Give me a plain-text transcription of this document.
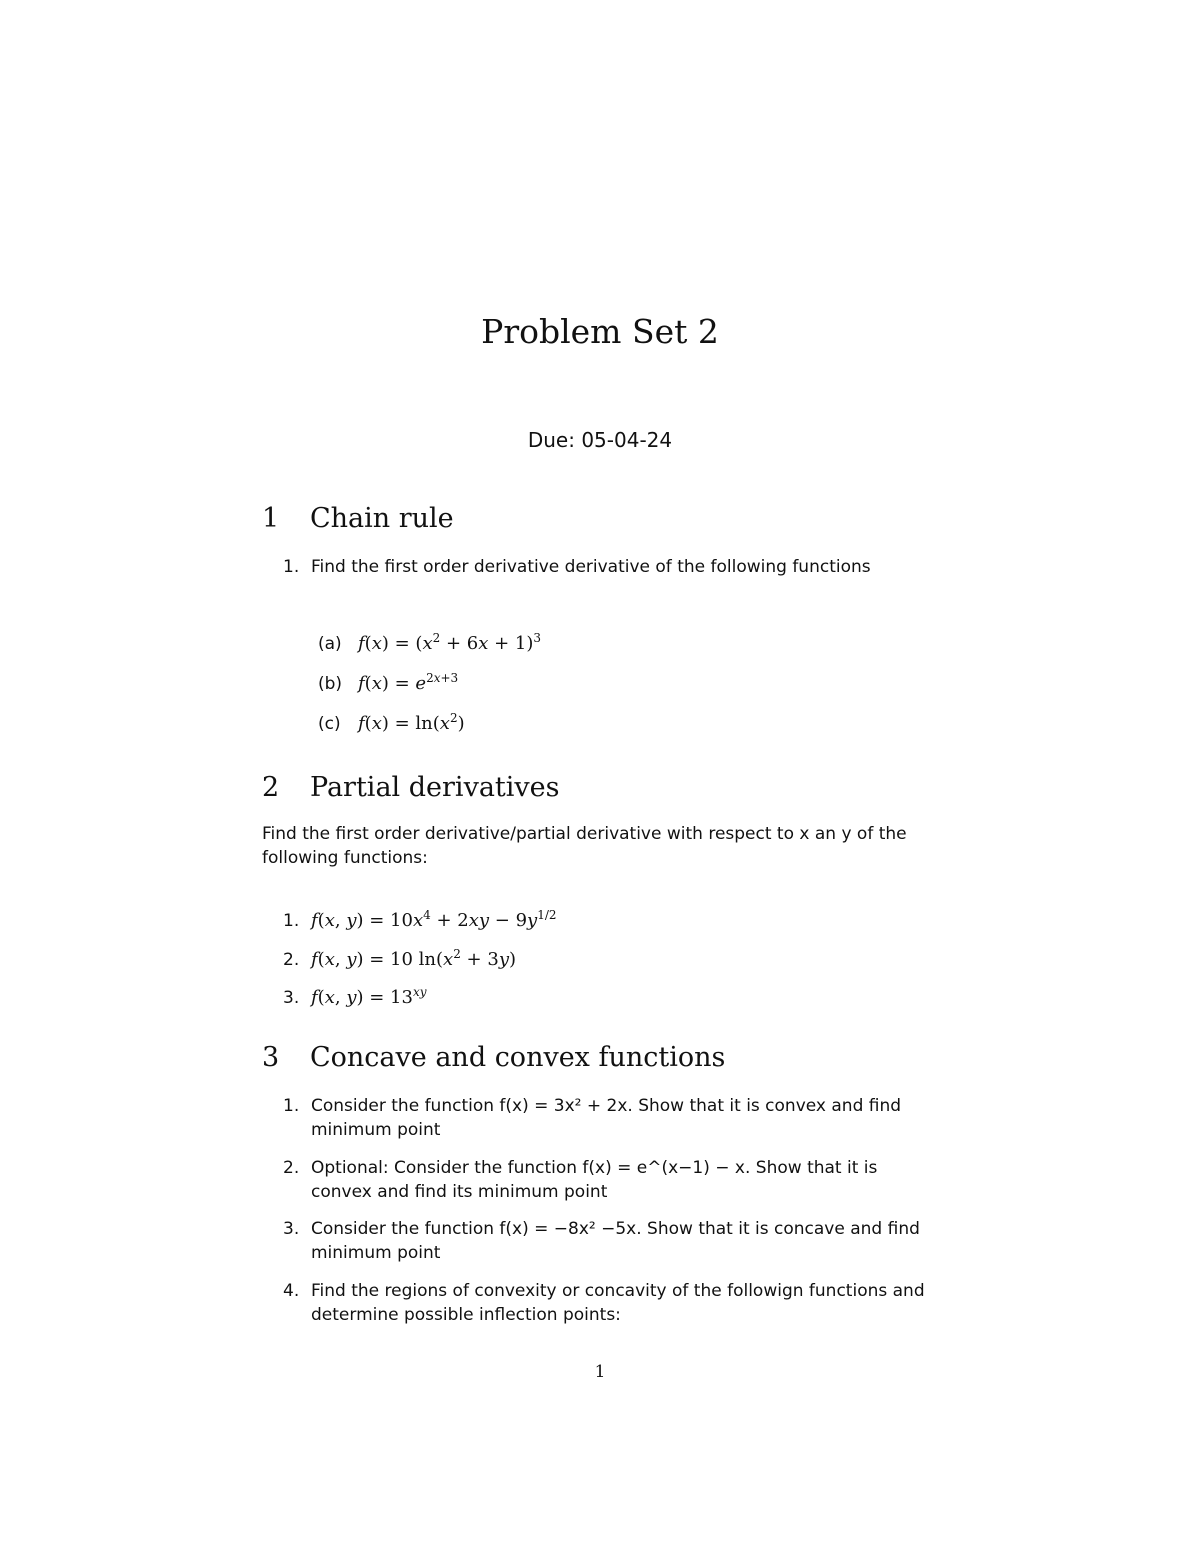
Problem Set 2
Due: 05-04-24
1 Chain rule
1. Find the first order derivative derivative of the following functions
(a) $f(x) = (x^2 + 6x + 1)^3$
(b) $f(x) = e^{2x+3}$
(c) $f(x) = \ln(x^2)$
2 Partial derivatives
Find the first order derivative/partial derivative with respect to x an y of the following functions:
1. f(x, $y) = 10x^4 + 2xy - 9y^{1/2}$
2. f(x, y) = 10 $\ln(x^2 + 3y)$
3. f(x, $y) = 13^{xy}$
3 Concave and convex functions
1. Consider the function f(x) = 3x² + 2x. Show that it is convex and find minimum point
2. Optional: Consider the function f(x) = e^(x−1) − x. Show that it is convex and find its minimum point
3. Consider the function f(x) = −8x² −5x. Show that it is concave and find minimum point
4. Find the regions of convexity or concavity of the followign functions and determine possible inflection points:
1
